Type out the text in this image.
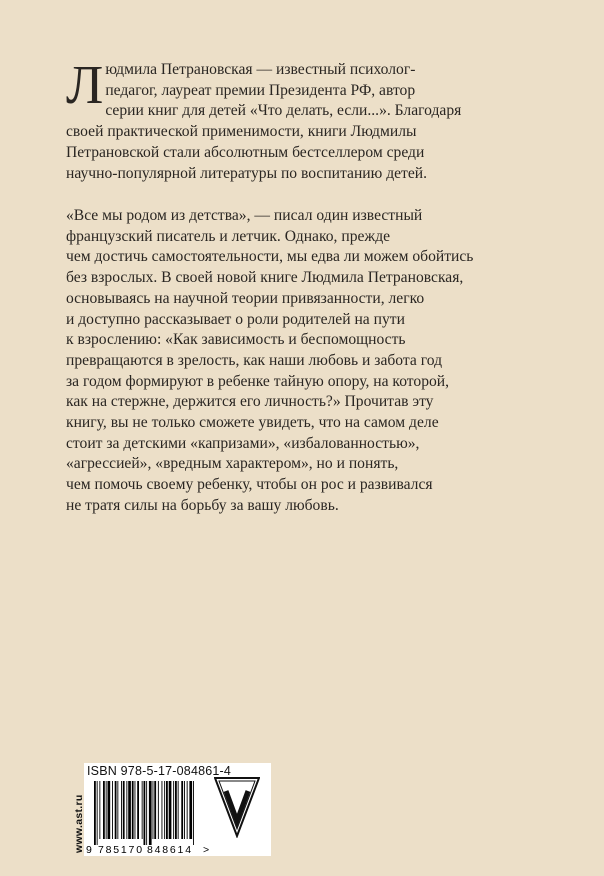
Л юдмила Петрановская — известный психолог-
педагог, лауреат премии Президента РФ, автор
серии книг для детей «Что делать, если...». Благодаря
своей практической применимости, книги Людмилы
Петрановской стали абсолютным бестселлером среди
научно-популярной литературы по воспитанию детей.
«Все мы родом из детства», — писал один известный
французский писатель и летчик. Однако, прежде
чем достичь самостоятельности, мы едва ли можем обойтись
без взрослых. В своей новой книге Людмила Петрановская,
основываясь на научной теории привязанности, легко
и доступно рассказывает о роли родителей на пути
к взрослению: «Как зависимость и беспомощность
превращаются в зрелость, как наши любовь и забота год
за годом формируют в ребенке тайную опору, на которой,
как на стержне, держится его личность?» Прочитав эту
книгу, вы не только сможете увидеть, что на самом деле
стоит за детскими «капризами», «избалованностью»,
«агрессией», «вредным характером», но и понять,
чем помочь своему ребенку, чтобы он рос и развивался
не тратя силы на борьбу за вашу любовь.
ISBN 978-5-17-084861-4
9 785170 848614 >
www.ast.ru
